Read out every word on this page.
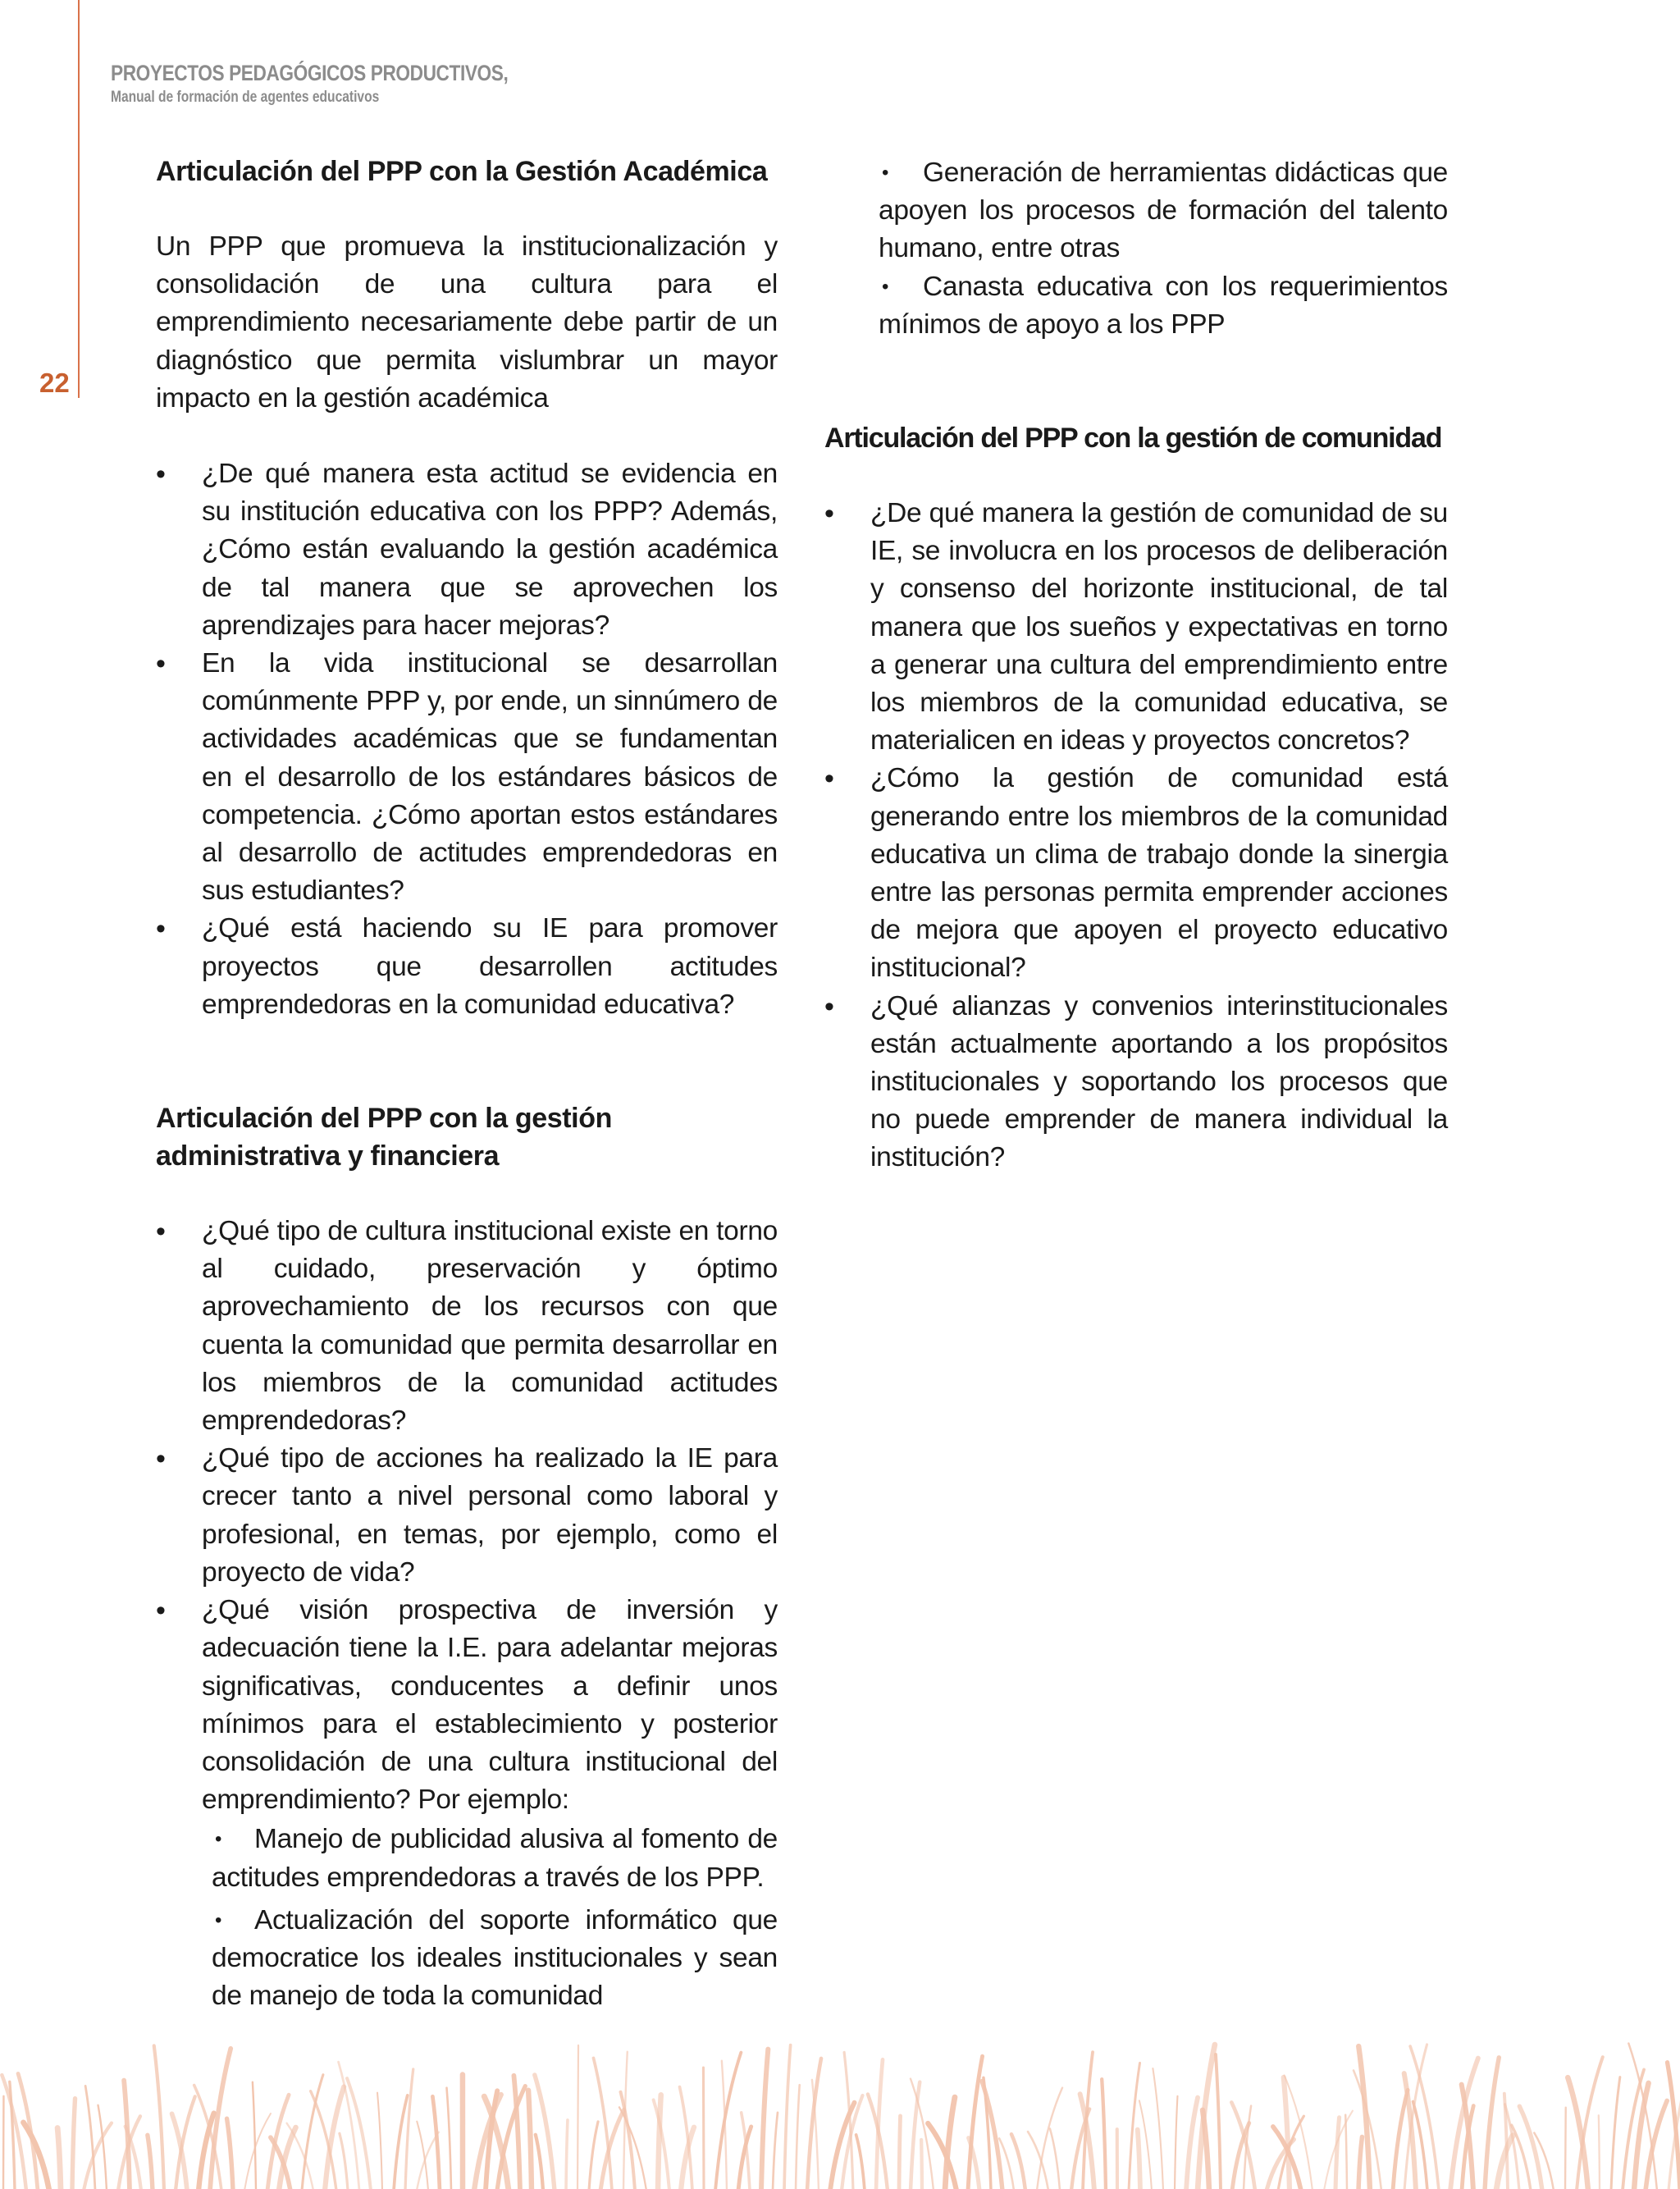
22
PROYECTOS PEDAGÓGICOS PRODUCTIVOS,
Manual de formación de agentes educativos
Articulación del PPP con la Gestión Académica

Un PPP que promueva la institucionalización y consolidación de una cultura para el emprendimiento necesariamente debe partir de un diagnóstico que permita vislumbrar un mayor impacto en la gestión académica

• ¿De qué manera esta actitud se evidencia en su institución educativa con los PPP? Además, ¿Cómo están evaluando la gestión académica de tal manera que se aprovechen los aprendizajes para hacer mejoras?
• En la vida institucional se desarrollan comúnmente PPP y, por ende, un sinnúmero de actividades académicas que se fundamentan en el desarrollo de los estándares básicos de competencia. ¿Cómo aportan estos estándares al desarrollo de actitudes emprendedoras en sus estudiantes?
• ¿Qué está haciendo su IE para promover proyectos que desarrollen actitudes emprendedoras en la comunidad educativa?
Articulación del PPP con la gestión administrativa y financiera
• ¿Qué tipo de cultura institucional existe en torno al cuidado, preservación y óptimo aprovechamiento de los recursos con que cuenta la comunidad que permita desarrollar en los miembros de la comunidad actitudes emprendedoras?
• ¿Qué tipo de acciones ha realizado la IE para crecer tanto a nivel personal como laboral y profesional, en temas, por ejemplo, como el proyecto de vida?
• ¿Qué visión prospectiva de inversión y adecuación tiene la I.E. para adelantar mejoras significativas, conducentes a definir unos mínimos para el establecimiento y posterior consolidación de una cultura institucional del emprendimiento? Por ejemplo:
• Manejo de publicidad alusiva al fomento de actitudes emprendedoras a través de los PPP.
• Actualización del soporte informático que democratice los ideales institucionales y sean de manejo de toda la comunidad
• Generación de herramientas didácticas que apoyen los procesos de formación del talento humano, entre otras
• Canasta educativa con los requerimientos mínimos de apoyo a los PPP
Articulación del PPP con la gestión de comunidad
• ¿De qué manera la gestión de comunidad de su IE, se involucra en los procesos de deliberación y consenso del horizonte institucional, de tal manera que los sueños y expectativas en torno a generar una cultura del emprendimiento entre los miembros de la comunidad educativa, se materialicen en ideas y proyectos concretos?
• ¿Cómo la gestión de comunidad está generando entre los miembros de la comunidad educativa un clima de trabajo donde la sinergia entre las personas permita emprender acciones de mejora que apoyen el proyecto educativo institucional?
• ¿Qué alianzas y convenios interinstitucionales están actualmente aportando a los propósitos institucionales y soportando los procesos que no puede emprender de manera individual la institución?
